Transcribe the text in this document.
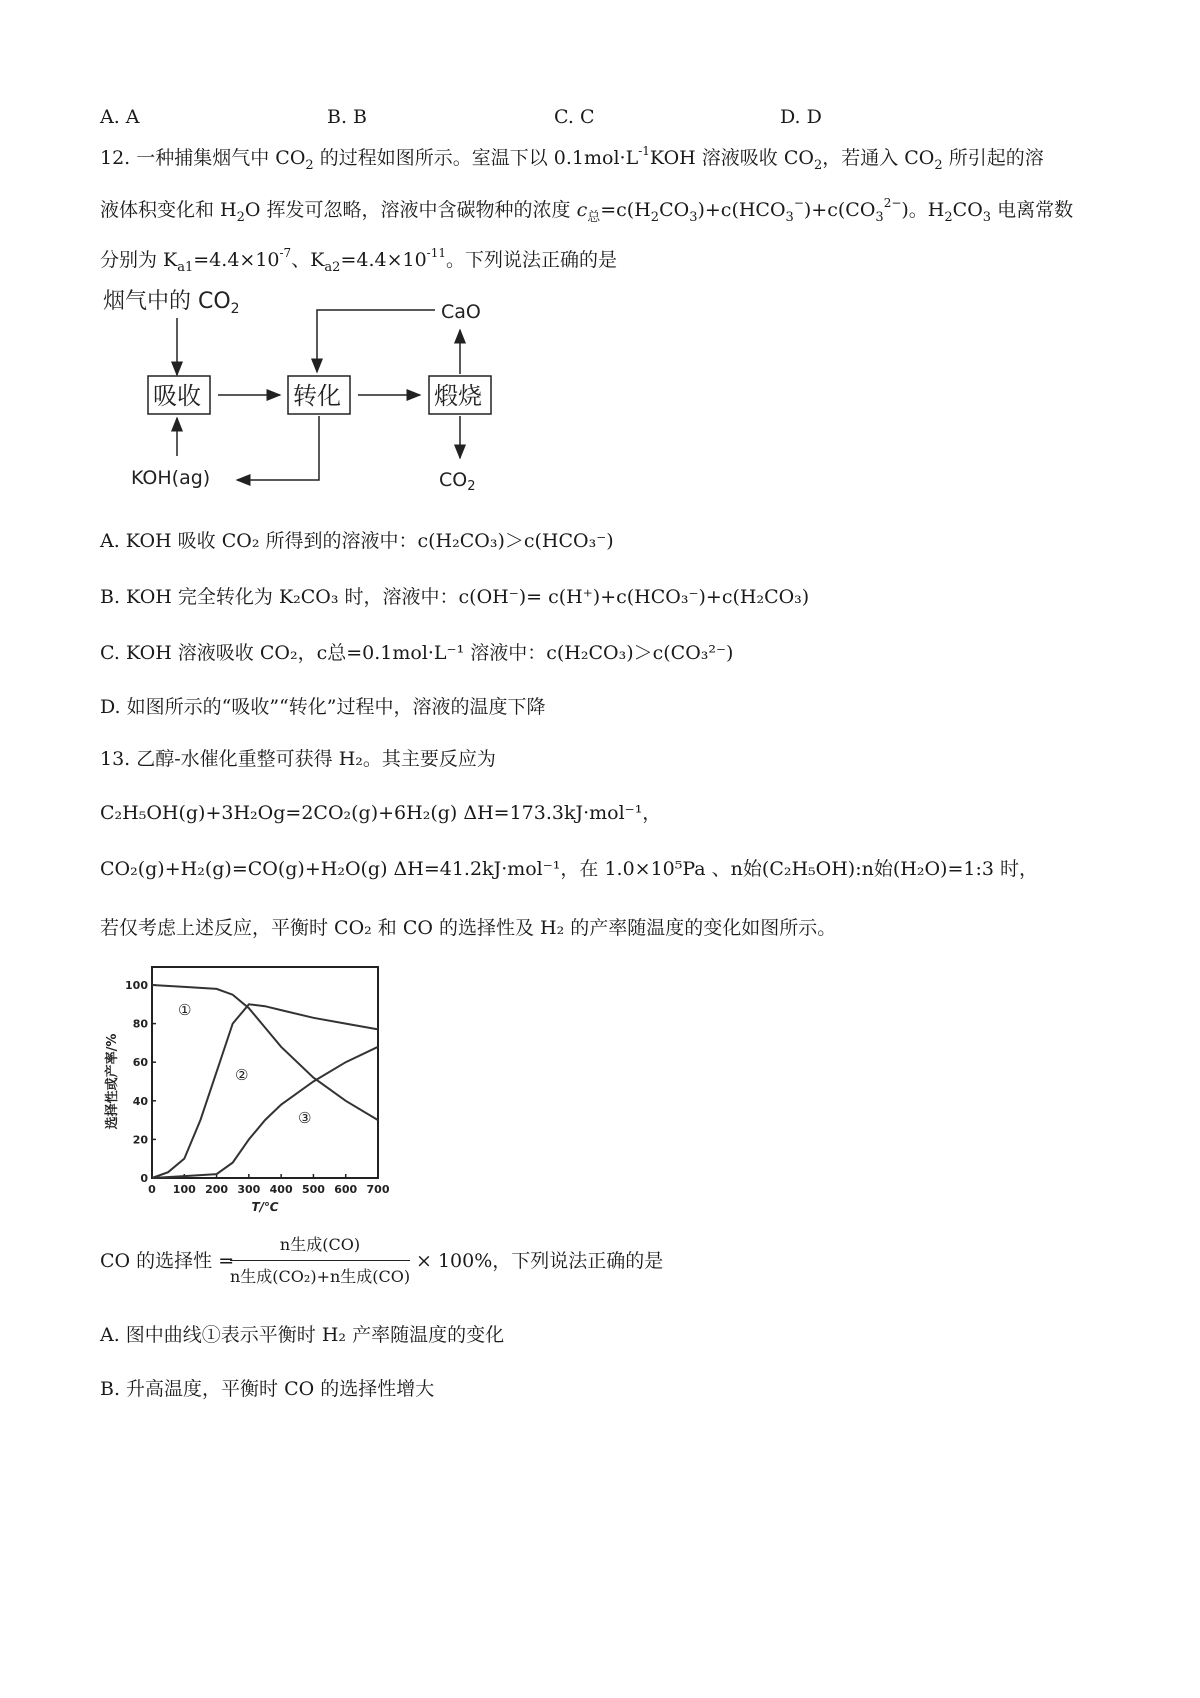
A. A	B. B	C. C	D. D
12. 一种捕集烟气中 $CO_2$ 的过程如图所示。室温下以 $0.1mol\cdot L^{-1}KOH$ 溶液吸收 $CO_2$，若通入 $CO_2$ 所引起的溶
液体积变化和 $H_2O$ 挥发可忽略，溶液中含碳物种的浓度 $c_总=c(H_2CO_3)+c(HCO_3^-)+c(CO_3^{2-})$。$H_2CO_3$ 电离常数
分别为 $K_{a1}=4.4\times 10^{-7}$、$K_{a2}=4.4\times 10^{-11}$。下列说法正确的是
烟气中的 $CO_2$
吸收	转化	煅烧
CaO
$CO_2$
KOH(ag)
A. KOH 吸收 CO₂ 所得到的溶液中：c(H₂CO₃)＞c(HCO₃⁻)
B. KOH 完全转化为 K₂CO₃ 时，溶液中：c(OH⁻)= c(H⁺)+c(HCO₃⁻)+c(H₂CO₃)
C. KOH 溶液吸收 CO₂，c总=0.1mol·L⁻¹ 溶液中：c(H₂CO₃)＞c(CO₃²⁻)
D. 如图所示的“吸收”“转化”过程中，溶液的温度下降
13. 乙醇-水催化重整可获得 H₂。其主要反应为
C₂H₅OH(g)+3H₂Og=2CO₂(g)+6H₂(g) ΔH=173.3kJ·mol⁻¹，
CO₂(g)+H₂(g)=CO(g)+H₂O(g) ΔH=41.2kJ·mol⁻¹，在 1.0×10⁵Pa 、n始(C₂H₅OH):n始(H₂O)=1:3 时，
若仅考虑上述反应，平衡时 CO₂ 和 CO 的选择性及 H₂ 的产率随温度的变化如图所示。
0 100 200 300 400 500 600 700
0
20
40
60
80
100
T/℃
选择性或产率/%
①
②
③
CO 的选择性 =
n生成(CO)
n生成(CO₂)+n生成(CO)
× 100%，下列说法正确的是
A. 图中曲线①表示平衡时 H₂ 产率随温度的变化
B. 升高温度，平衡时 CO 的选择性增大
